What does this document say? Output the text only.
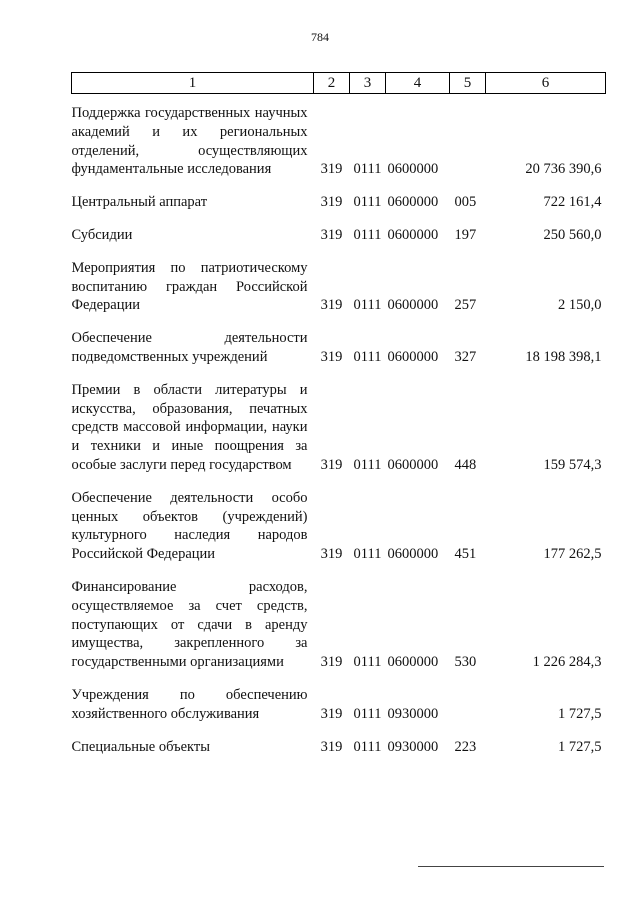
784
1	2	3	4	5	6
Поддержка государственных научных академий и их региональных отделений, осуществляющих фундаментальные исследования	319	0111	0600000		20 736 390,6
Центральный аппарат	319	0111	0600000	005	722 161,4
Субсидии	319	0111	0600000	197	250 560,0
Мероприятия по патриотическому воспитанию граждан Российской Федерации	319	0111	0600000	257	2 150,0
Обеспечение деятельности подведомственных учреждений	319	0111	0600000	327	18 198 398,1
Премии в области литературы и искусства, образования, печатных средств массовой информации, науки и техники и иные поощрения за особые заслуги перед государством	319	0111	0600000	448	159 574,3
Обеспечение деятельности особо ценных объектов (учреждений) культурного наследия народов Российской Федерации	319	0111	0600000	451	177 262,5
Финансирование расходов, осуществляемое за счет средств, поступающих от сдачи в аренду имущества, закрепленного за государственными организациями	319	0111	0600000	530	1 226 284,3
Учреждения по обеспечению хозяйственного обслуживания	319	0111	0930000		1 727,5
Специальные объекты	319	0111	0930000	223	1 727,5
